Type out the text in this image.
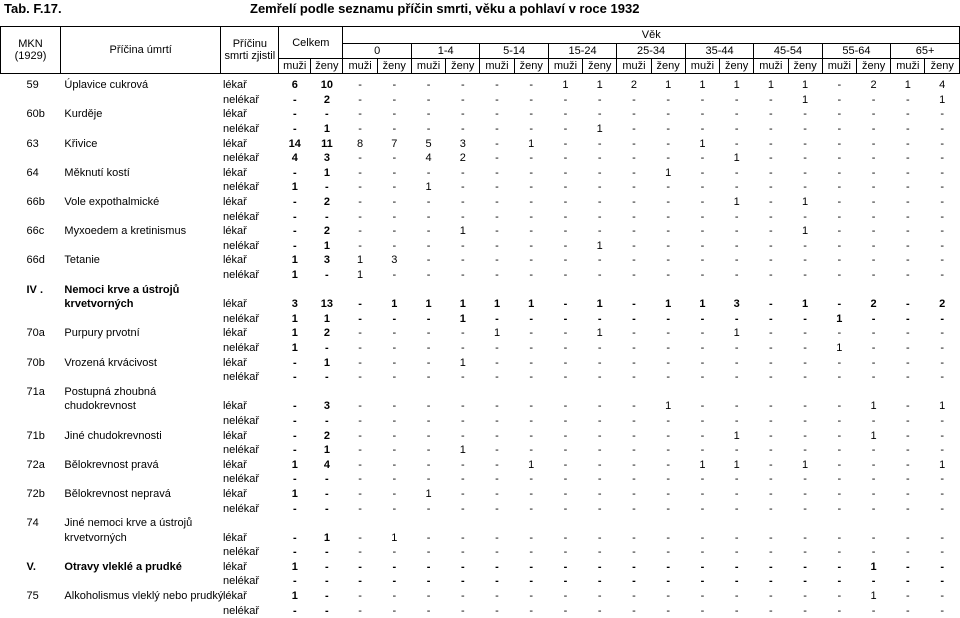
Tab. F.17.	Zemřelí podle seznamu příčin smrti, věku a pohlaví v roce 1932
MKN
(1929)	Příčina úmrtí	Příčinu smrti zjistil	Celkem		Věk																	
					0		1-4		5-14		15-24		25-34		35-44		45-54		55-64		65+	
			muži	ženy	muži	ženy	muži	ženy	muži	ženy	muži	ženy	muži	ženy	muži	ženy	muži	ženy	muži	ženy	muži	ženy
59	Úplavice cukrová	lékař	6	10	-	-	-	-	-	-	1	1	2	1	1	1	1	1	-	2	1	4
		nelékař	-	2	-	-	-	-	-	-	-	-	-	-	-	-	-	1	-	-	-	1
60b	Kurděje	lékař	-	-	-	-	-	-	-	-	-	-	-	-	-	-	-	-	-	-	-	-
		nelékař	-	1	-	-	-	-	-	-	-	1	-	-	-	-	-	-	-	-	-	-
63	Křivice	lékař	14	11	8	7	5	3	-	1	-	-	-	-	1	-	-	-	-	-	-	-
		nelékař	4	3	-	-	4	2	-	-	-	-	-	-	-	1	-	-	-	-	-	-
64	Měknutí kostí	lékař	-	1	-	-	-	-	-	-	-	-	-	1	-	-	-	-	-	-	-	-
		nelékař	1	-	-	-	1	-	-	-	-	-	-	-	-	-	-	-	-	-	-	-
66b	Vole expothalmické	lékař	-	2	-	-	-	-	-	-	-	-	-	-	-	1	-	1	-	-	-	-
		nelékař	-	-	-	-	-	-	-	-	-	-	-	-	-	-	-	-	-	-	-	-
66c	Myxoedem a kretinismus	lékař	-	2	-	-	-	1	-	-	-	-	-	-	-	-	-	1	-	-	-	-
		nelékař	-	1	-	-	-	-	-	-	-	1	-	-	-	-	-	-	-	-	-	-
66d	Tetanie	lékař	1	3	1	3	-	-	-	-	-	-	-	-	-	-	-	-	-	-	-	-
		nelékař	1	-	1	-	-	-	-	-	-	-	-	-	-	-	-	-	-	-	-	-
IV .	Nemoci krve a ústrojů																					
	krvetvorných	lékař	3	13	-	1	1	1	1	1	-	1	-	1	1	3	-	1	-	2	-	2
		nelékař	1	1	-	-	-	1	-	-	-	-	-	-	-	-	-	-	1	-	-	-
70a	Purpury prvotní	lékař	1	2	-	-	-	-	1	-	-	1	-	-	-	1	-	-	-	-	-	-
		nelékař	1	-	-	-	-	-	-	-	-	-	-	-	-	-	-	-	1	-	-	-
70b	Vrozená krvácivost	lékař	-	1	-	-	-	1	-	-	-	-	-	-	-	-	-	-	-	-	-	-
		nelékař	-	-	-	-	-	-	-	-	-	-	-	-	-	-	-	-	-	-	-	-
71a	Postupná zhoubná																					
	chudokrevnost	lékař	-	3	-	-	-	-	-	-	-	-	-	1	-	-	-	-	-	1	-	1
		nelékař	-	-	-	-	-	-	-	-	-	-	-	-	-	-	-	-	-	-	-	-
71b	Jiné chudokrevnosti	lékař	-	2	-	-	-	-	-	-	-	-	-	-	-	1	-	-	-	1	-	-
		nelékař	-	1	-	-	-	1	-	-	-	-	-	-	-	-	-	-	-	-	-	-
72a	Bělokrevnost pravá	lékař	1	4	-	-	-	-	-	1	-	-	-	-	1	1	-	1	-	-	-	1
		nelékař	-	-	-	-	-	-	-	-	-	-	-	-	-	-	-	-	-	-	-	-
72b	Bělokrevnost nepravá	lékař	1	-	-	-	1	-	-	-	-	-	-	-	-	-	-	-	-	-	-	-
		nelékař	-	-	-	-	-	-	-	-	-	-	-	-	-	-	-	-	-	-	-	-
74	Jiné nemoci krve a ústrojů																					
	krvetvorných	lékař	-	1	-	1	-	-	-	-	-	-	-	-	-	-	-	-	-	-	-	-
		nelékař	-	-	-	-	-	-	-	-	-	-	-	-	-	-	-	-	-	-	-	-
V.	Otravy vleklé a prudké	lékař	1	-	-	-	-	-	-	-	-	-	-	-	-	-	-	-	-	1	-	-
		nelékař	-	-	-	-	-	-	-	-	-	-	-	-	-	-	-	-	-	-	-	-
75	Alkoholismus vleklý nebo prudký	lékař	1	-	-	-	-	-	-	-	-	-	-	-	-	-	-	-	-	1	-	-
		nelékař	-	-	-	-	-	-	-	-	-	-	-	-	-	-	-	-	-	-	-	-
